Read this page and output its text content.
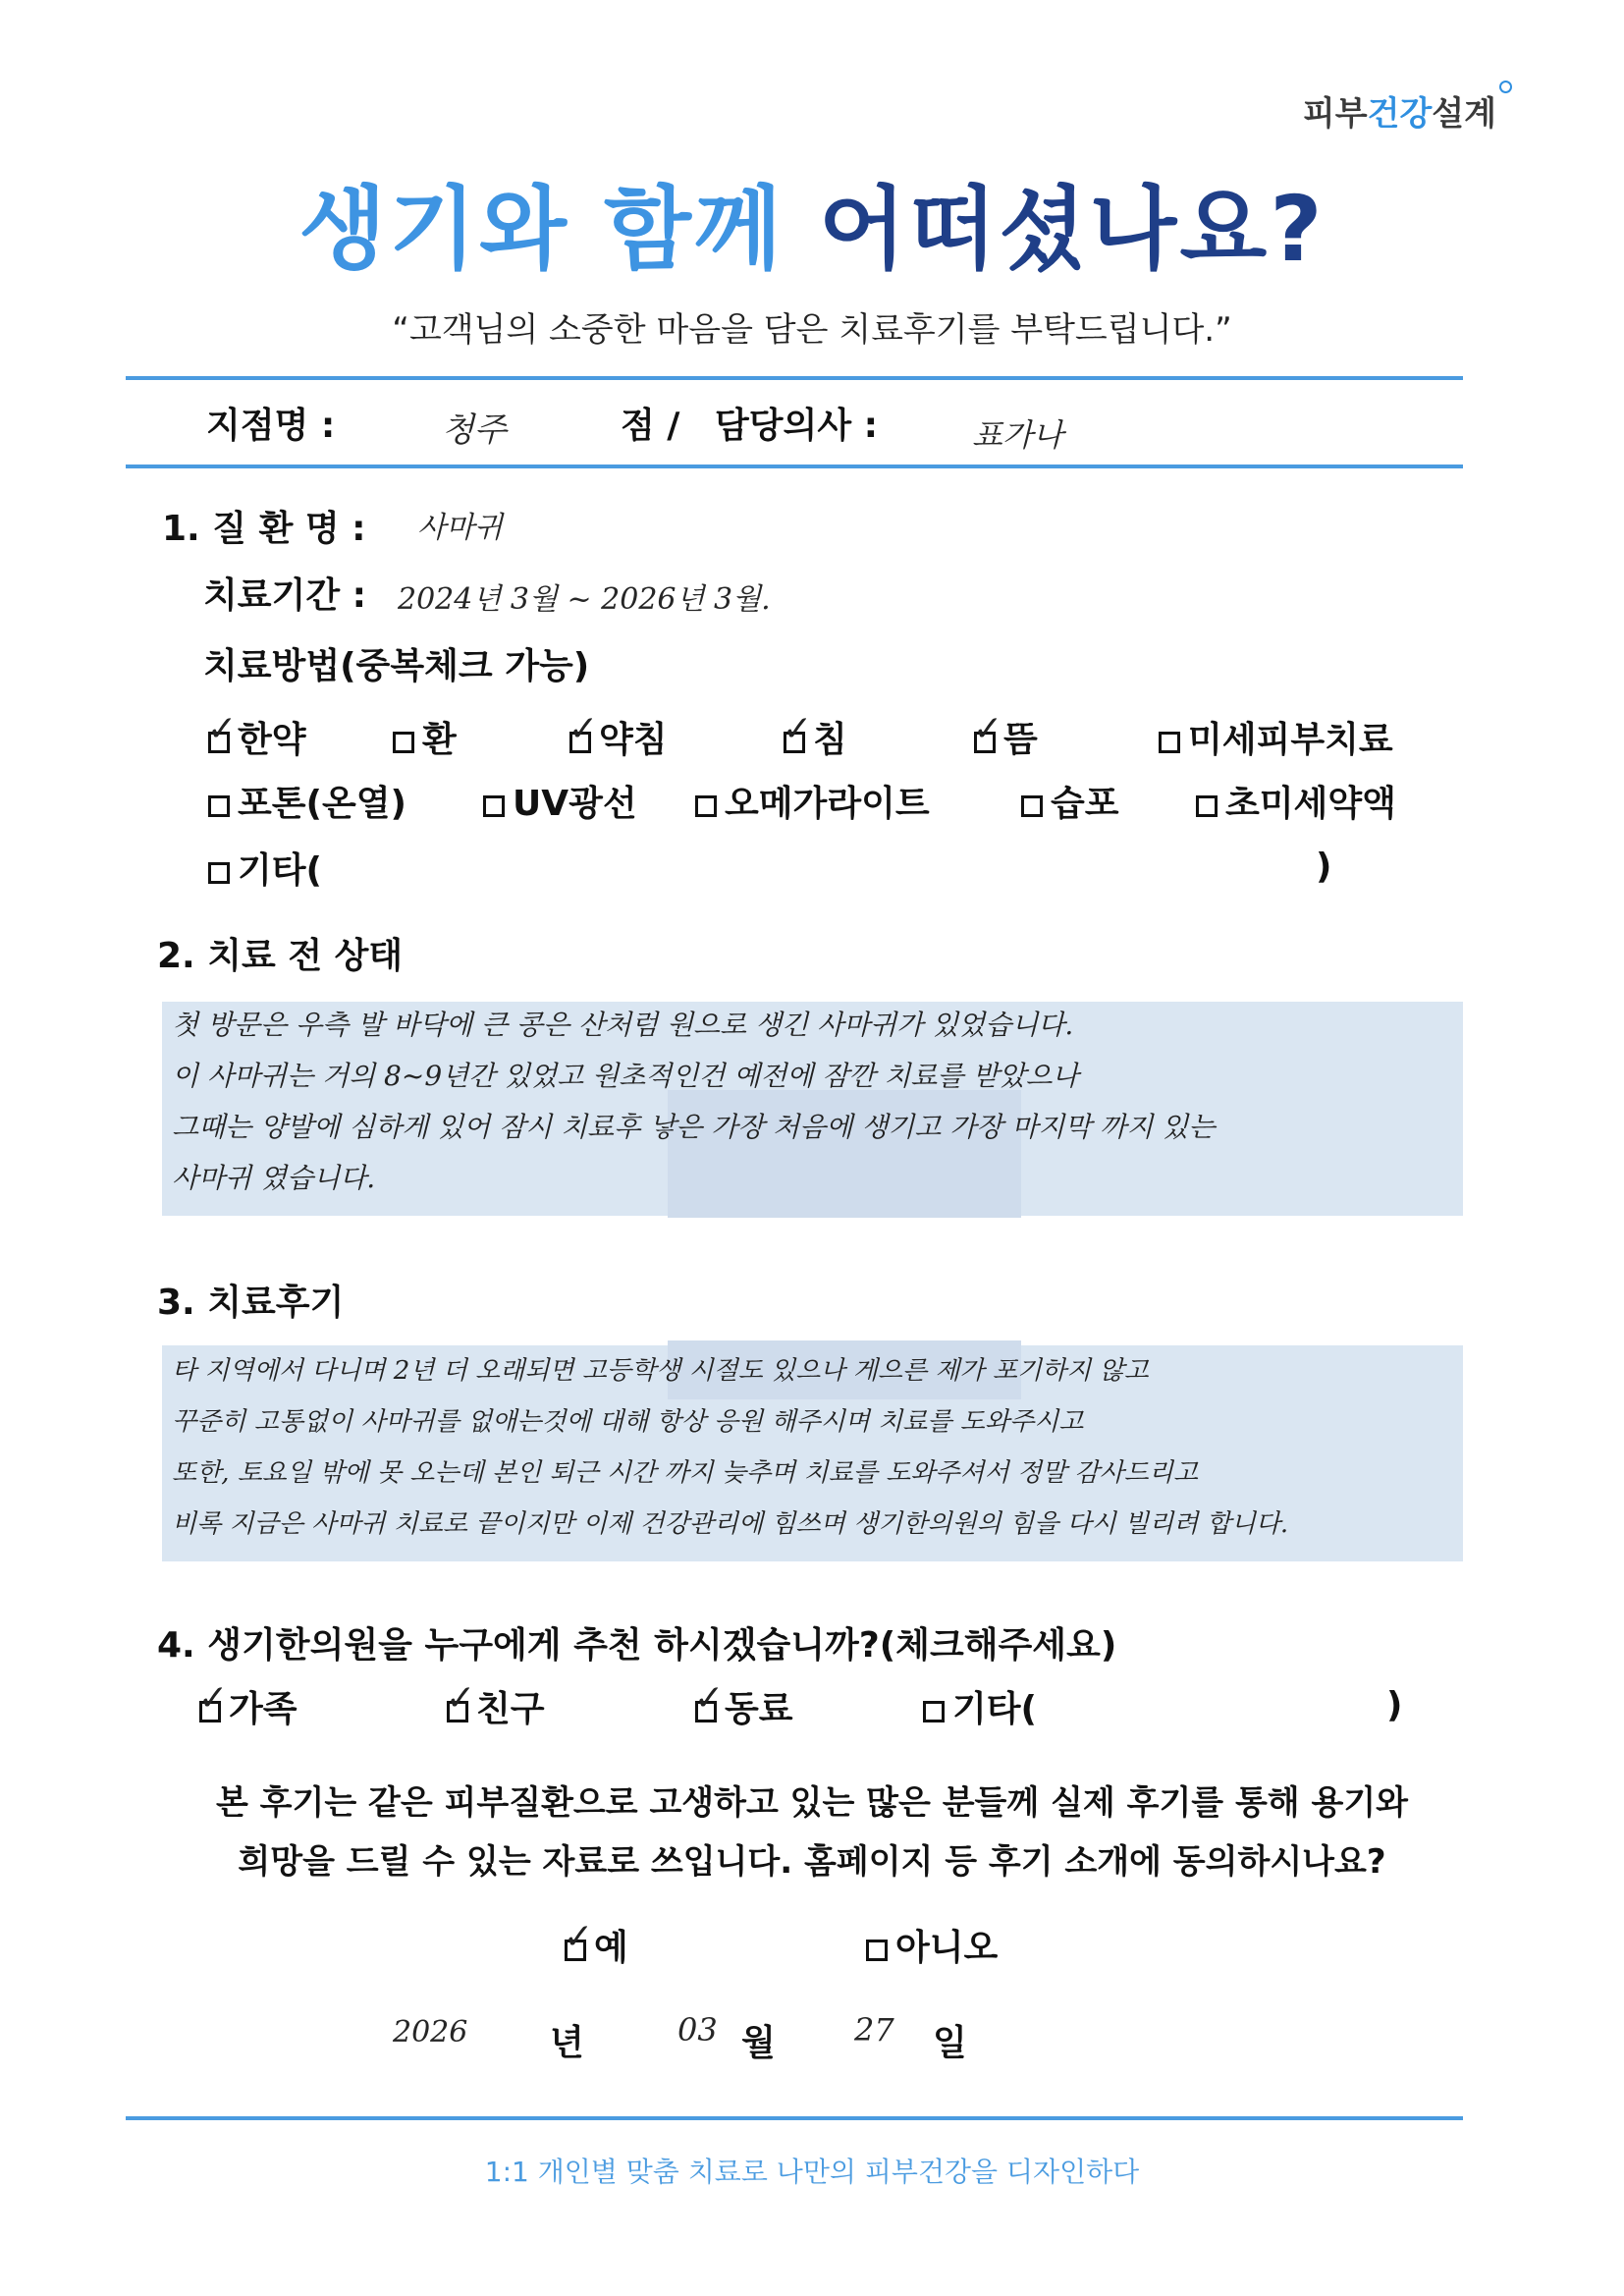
피부건강설계
생기와 함께 어떠셨나요?
“고객님의 소중한 마음을 담은 치료후기를 부탁드립니다.”
지점명 :	청주	점 / 담당의사 :	표가나
1. 질 환 명 : 사마귀
치료기간 : 2024년 3월 ~ 2026년 3월.
치료방법(중복체크 가능)
✓한약	환 ✓	약침 ✓	침 ✓	뜸	미세피부치료
포톤(온열)	UV광선	오메가라이트	습포	초미세약액
기타(	)
2. 치료 전 상태
첫 방문은 우측 발 바닥에 큰 콩은 산처럼 원으로 생긴 사마귀가 있었습니다.
이 사마귀는 거의 8~9년간 있었고 원초적인건 예전에 잠깐 치료를 받았으나
그때는 양발에 심하게 있어 잠시 치료후 낳은 가장 처음에 생기고 가장 마지막 까지 있는
사마귀 였습니다.
3. 치료후기
타 지역에서 다니며 2년 더 오래되면 고등학생 시절도 있으나 게으른 제가 포기하지 않고
꾸준히 고통없이 사마귀를 없애는것에 대해 항상 응원 해주시며 치료를 도와주시고
또한, 토요일 밖에 못 오는데 본인 퇴근 시간 까지 늦추며 치료를 도와주셔서 정말 감사드리고
비록 지금은 사마귀 치료로 끝이지만 이제 건강관리에 힘쓰며 생기한의원의 힘을 다시 빌리려 합니다.
4. 생기한의원을 누구에게 추천 하시겠습니까?(체크해주세요)
✓가족 ✓	친구 ✓	동료	기타(	)
본 후기는 같은 피부질환으로 고생하고 있는 많은 분들께 실제 후기를 통해 용기와
희망을 드릴 수 있는 자료로 쓰입니다. 홈페이지 등 후기 소개에 동의하시나요?
✓예	아니오
2026 년	03 월	27 일
1:1 개인별 맞춤 치료로 나만의 피부건강을 디자인하다
